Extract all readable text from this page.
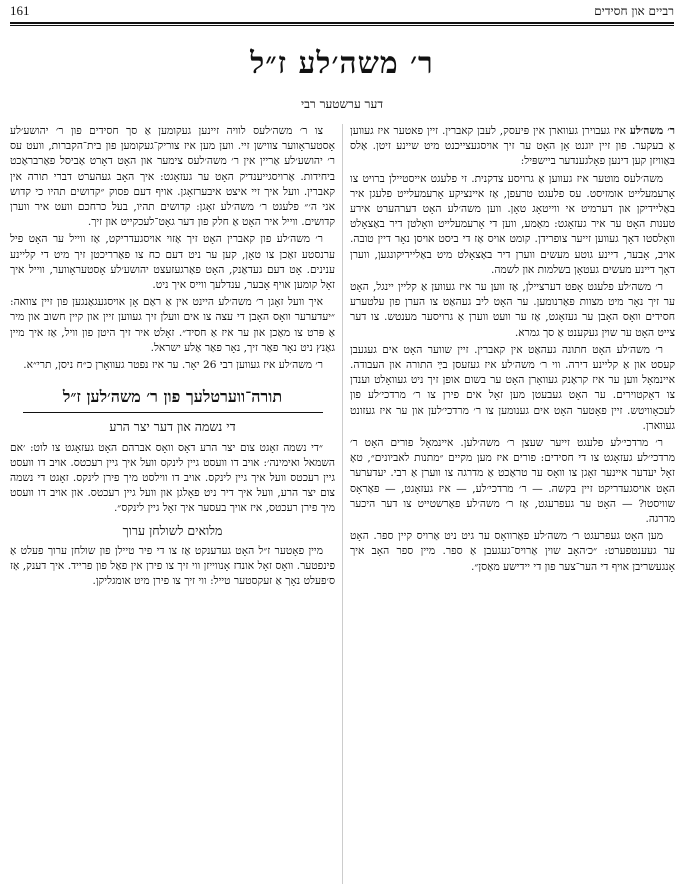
161	רביים און חסידים
ר׳ משה׳לע ז״ל
דער ערשטער רבי

ר׳ משה׳לע איז געבוירן געווארן אין פּיעסק, לעבן קאברין. זיין פאטער איז געווען אַ בעקער. פון זיין יוגנט אָן האָט ער זיך אויסגעצייכנט מיט שיינע זיטן. אַלס בּאַוויזן קען דינען פאָלגענדער ביישפּיל:

משה׳לעס מוטער איז געווען אַ גרויסע צדקנית. זי פלעגט אייסטיילן ברויט צו אָרעמעלייט אומזיסט. עס פלעגט טרעפן, אַז איינציקע אָרעמעלייט פלעגן איר באַליידיקן און דערמיט אי ווייטאָג טאָן. ווען משה׳לע האָט דערהערט אירע טענות האָט ער איר געזאָגט: מאַמע, ווען די אָרעמעלייט וואָלטן דיר באַצאָלט וואָלסטו דאָך געווען זייער צופרידן. קומט אויס אַז די ביסט אויסן נאָר דיין טובה. אויב, אָבער, דיינע גוטע מעשים ווערן דיר באַצאָלט מיט באַליידיקונגען, ווערן דאָך דיינע מעשים געטאָן בשלמות און לשמה.

ר׳ משה׳לע פלעגט אָפט דערציילן, אַז ווען ער איז געווען אַ קליין יינגל, האָט ער זיך נאָר מיט מצוות פאַרנומען. ער האָט ליב געהאַט צו הערן פון עלטערע חסידים וואָס האָבן ער געזאָגט, אַז ער וועט ווערן אַ גרויסער מענטש. צו דער צייט האָט ער שוין געקענט אַ סך גמרא.

ר׳ משה׳לע האָט חתונה געהאַט אין קאברין. זיין שווער האָט אים געגעבן קעסט און אַ קליינע דירה. ווי ר׳ משה׳לע איז געזעסן בײַ התורה און העבודה. איינמאָל ווען ער איז קראַנק געוואָרן האָט ער בשום אופן זיך ניט געוואָלט וענדן צו דאָקטוירים. ער האָט געבעטן מען זאָל אים פירן צו ר׳ מרדכי׳לע פון לעכאָוויטש. זיין פאָטער האָט אים גענומען צו ר׳ מרדכי׳לען און ער איז געזונט געווארן.

ר׳ מרדכי׳לע פלעגט זייער שעצן ר׳ משה׳לען. איינמאָל פורים האָט ר׳ מרדכי׳לע געזאָגט צו די חסידים: פורים איז מען מקיים ״מתנות לאביונים״, טאָ זאָל יעדער איינער זאָגן צו וואָס ער טראַכט אַ מדרגה צו ווערן אַ רבי. יעדערער האָט אויסגעדריקט זיין בקשה. — ר׳ מרדכי׳לע, — איז געזאָגט, — פאַראָס שוויסטו? — האָט ער געפרעגט, אַז ר׳ משה׳לע פאַרשטייט צו דער היכער מדרגה.

מען האָט געפרעגט ר׳ משה׳לע פאַרוואָס ער גיט ניט אַרויס קיין ספר. האָט ער געענטפערט: ״כ׳האָב שוין אַרויס־געגעבן אַ ספר. מיין ספר האָב איך אָנגעשריבן אויף די הער־צער פון די יידישע מאַסן״.

צו ר׳ משה׳לעס לוויה זיינען געקומען אַ סך חסידים פון ר׳ יהושע׳לע אָסטעראָווער צווישן זיי. ווען מען איז צוריק־געקומען פון בית־הקברות, וועט עס ר׳ יהושע׳לע אַריין אין ר׳ משה׳לעס צימער און האָט דאָרט אַביסל פאַרבראַכט ביחידות. אַרויסגייענדיק האָט ער געזאָגט: איך האָב געהערט דברי תורה אין קאברין. וועל איך זיי איצט איבערזאָגן. אויף דעם פסוק ״קדושים תהיו כי קדוש אני ה׳״ פלעגט ר׳ משה׳לע זאָגן: קדושים תהיו, בעל כרחכם וועט איר ווערן קדושים. ווייל איר האָט אַ חלק פון דער גאָט־לעכקייט און זיך.

ר׳ משה׳לע פון קאברין האָט זיך אַזוי אויסגעדריקט, אַז ווייל ער האָט פיל ערנסטע זאַכן צו טאָן, קען ער ניט דעם כח צו פאַרריכטן זיך מיט די קליינע ענינים. אָט דעם געדאַנק, האָט פאַרגעזעצט יהושע׳לע אָסטעראָווער, ווייל איך זאָל קומען אויף אָבער, ענדלעך ווייס איך ניט.

איך וועל זאָגן ר׳ משה׳לע היינט אין אַ ראַם אָן אויסגעגאַנגען פון זיין צוואה: ״יעדערער וואָס האָבן די עצה צו אים וועלן זיך געווען זיין און קיין חשוב און מיר אַ פּרט צו מאַכן און ער איז אַ חסיד״. זאָלט איר זיך היטן פון וויל, אַז איך מיין גאַנץ ניט נאָר פאַר זיך, נאָר פאַר אַלע ישראל.

ר׳ משה׳לע איז געווען רבי 26 יאָר. ער איז נפטר געוואָרן כ״ח ניסן, תרי״א.

תורה־ווערטלעך פון ר׳ משה׳לען ז״ל
די נשמה און דער יצר הרע

״די נשמה זאָגט צום יצר הרע דאָס וואָס אברהם האָט געזאָגט צו לוט: ׳אם השמאל ואימינה׳: אויב דו וועסט גיין לינקס וועל איך גיין רעכטס. אויב דו וועסט גיין רעכטס וועל איך גיין לינקס. אויב דו ווילסט מיך פירן לינקס. זאָגט די נשמה צום יצר הרע, וועל איך דיר ניט פאָלגן און וועל גיין רעכטס. און אויב דו וועסט מיך פירן רעכטס, איז אויך בעסער איך זאָל גיין לינקס״.

מלואים לשולחן ערוך

מיין פאָטער ז״ל האָט געדענקט אַז צו די פיר טיילן פון שולחן ערוך פעלט אַ פינפטער. וואָס זאָל אונדז אָנווייזן ווי זיך צו פירן אין פאַל פון פרייד. איך דענק, אַז ס׳פעלט נאָך אַ זעקסטער טייל: ווי זיך צו פירן מיט אומגליקן.
